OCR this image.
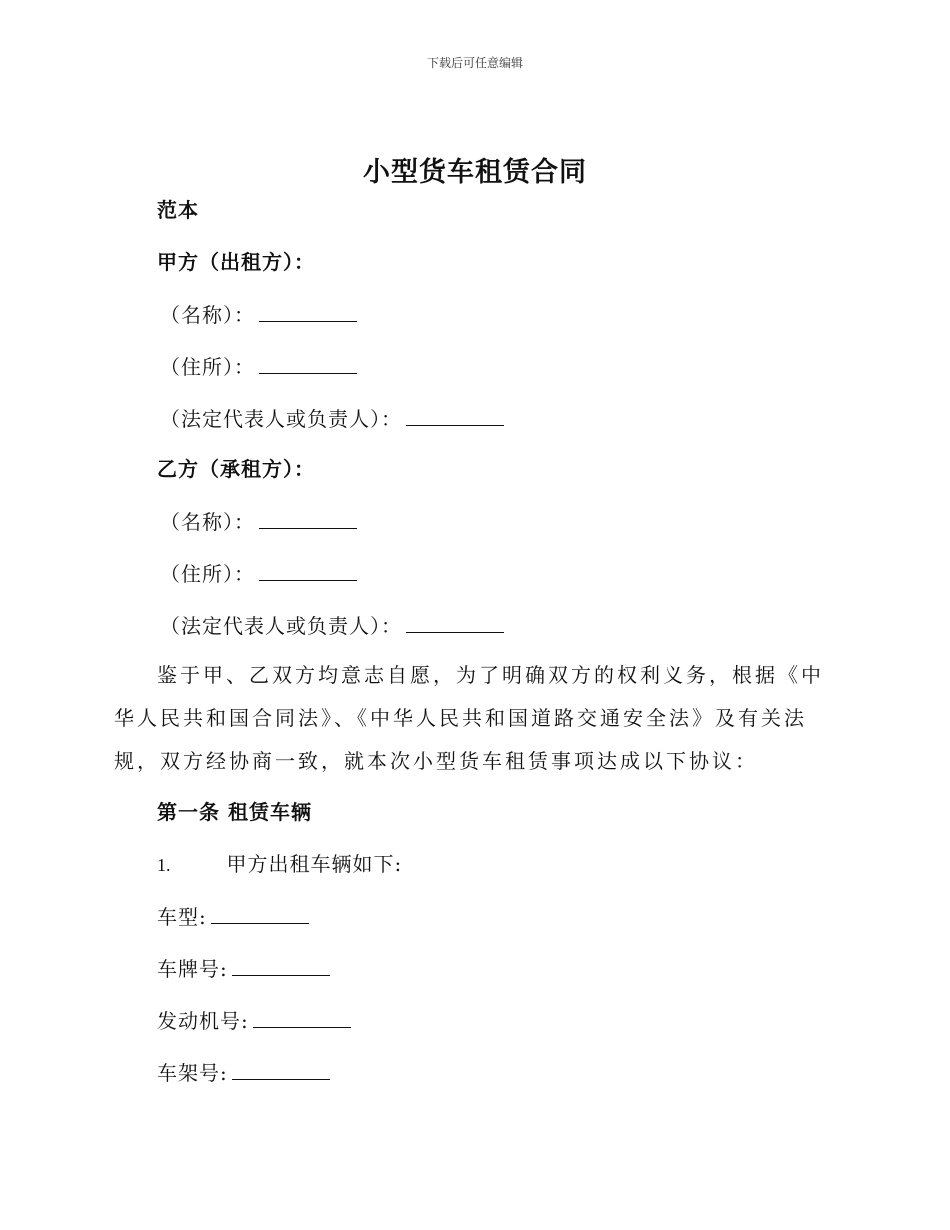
下载后可任意编辑
小型货车租赁合同
范本
甲方（出租方）：
（名称）：
（住所）：
（法定代表人或负责人）：
乙方（承租方）：
（名称）：
（住所）：
（法定代表人或负责人）：
鉴于甲、乙双方均意志自愿，为了明确双方的权利义务，根据《中华人民共和国合同法》、《中华人民共和国道路交通安全法》及有关法规，双方经协商一致，就本次小型货车租赁事项达成以下协议：
第一条 租赁车辆
1.	甲方出租车辆如下:
车型:
车牌号:
发动机号:
车架号:
